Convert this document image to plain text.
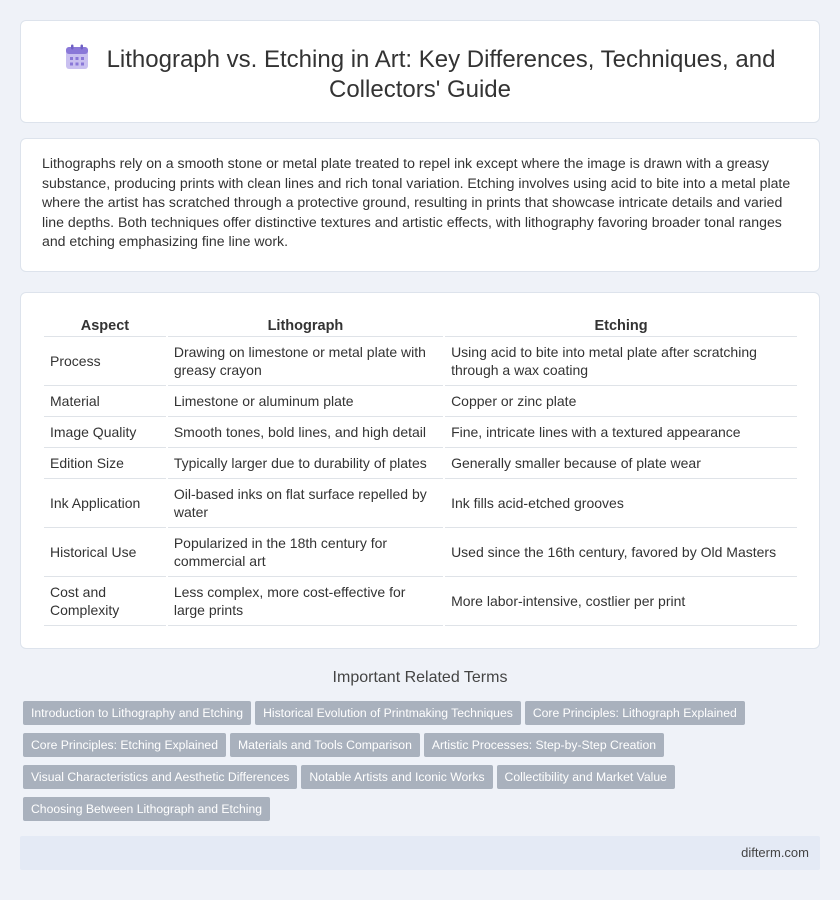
Lithograph vs. Etching in Art: Key Differences, Techniques, and Collectors' Guide

Lithographs rely on a smooth stone or metal plate treated to repel ink except where the image is drawn with a greasy substance, producing prints with clean lines and rich tonal variation. Etching involves using acid to bite into a metal plate where the artist has scratched through a protective ground, resulting in prints that showcase intricate details and varied line depths. Both techniques offer distinctive textures and artistic effects, with lithography favoring broader tonal ranges and etching emphasizing fine line work.

Aspect	Lithograph	Etching
Process	Drawing on limestone or metal plate with greasy crayon	Using acid to bite into metal plate after scratching through a wax coating
Material	Limestone or aluminum plate	Copper or zinc plate
Image Quality	Smooth tones, bold lines, and high detail	Fine, intricate lines with a textured appearance
Edition Size	Typically larger due to durability of plates	Generally smaller because of plate wear
Ink Application	Oil-based inks on flat surface repelled by water	Ink fills acid-etched grooves
Historical Use	Popularized in the 18th century for commercial art	Used since the 16th century, favored by Old Masters
Cost and Complexity	Less complex, more cost-effective for large prints	More labor-intensive, costlier per print
Important Related Terms
Introduction to Lithography and Etching Historical Evolution of Printmaking Techniques Core Principles: Lithograph Explained
Core Principles: Etching Explained Materials and Tools Comparison Artistic Processes: Step-by-Step Creation
Visual Characteristics and Aesthetic Differences Notable Artists and Iconic Works Collectibility and Market Value
Choosing Between Lithograph and Etching
difterm.com
